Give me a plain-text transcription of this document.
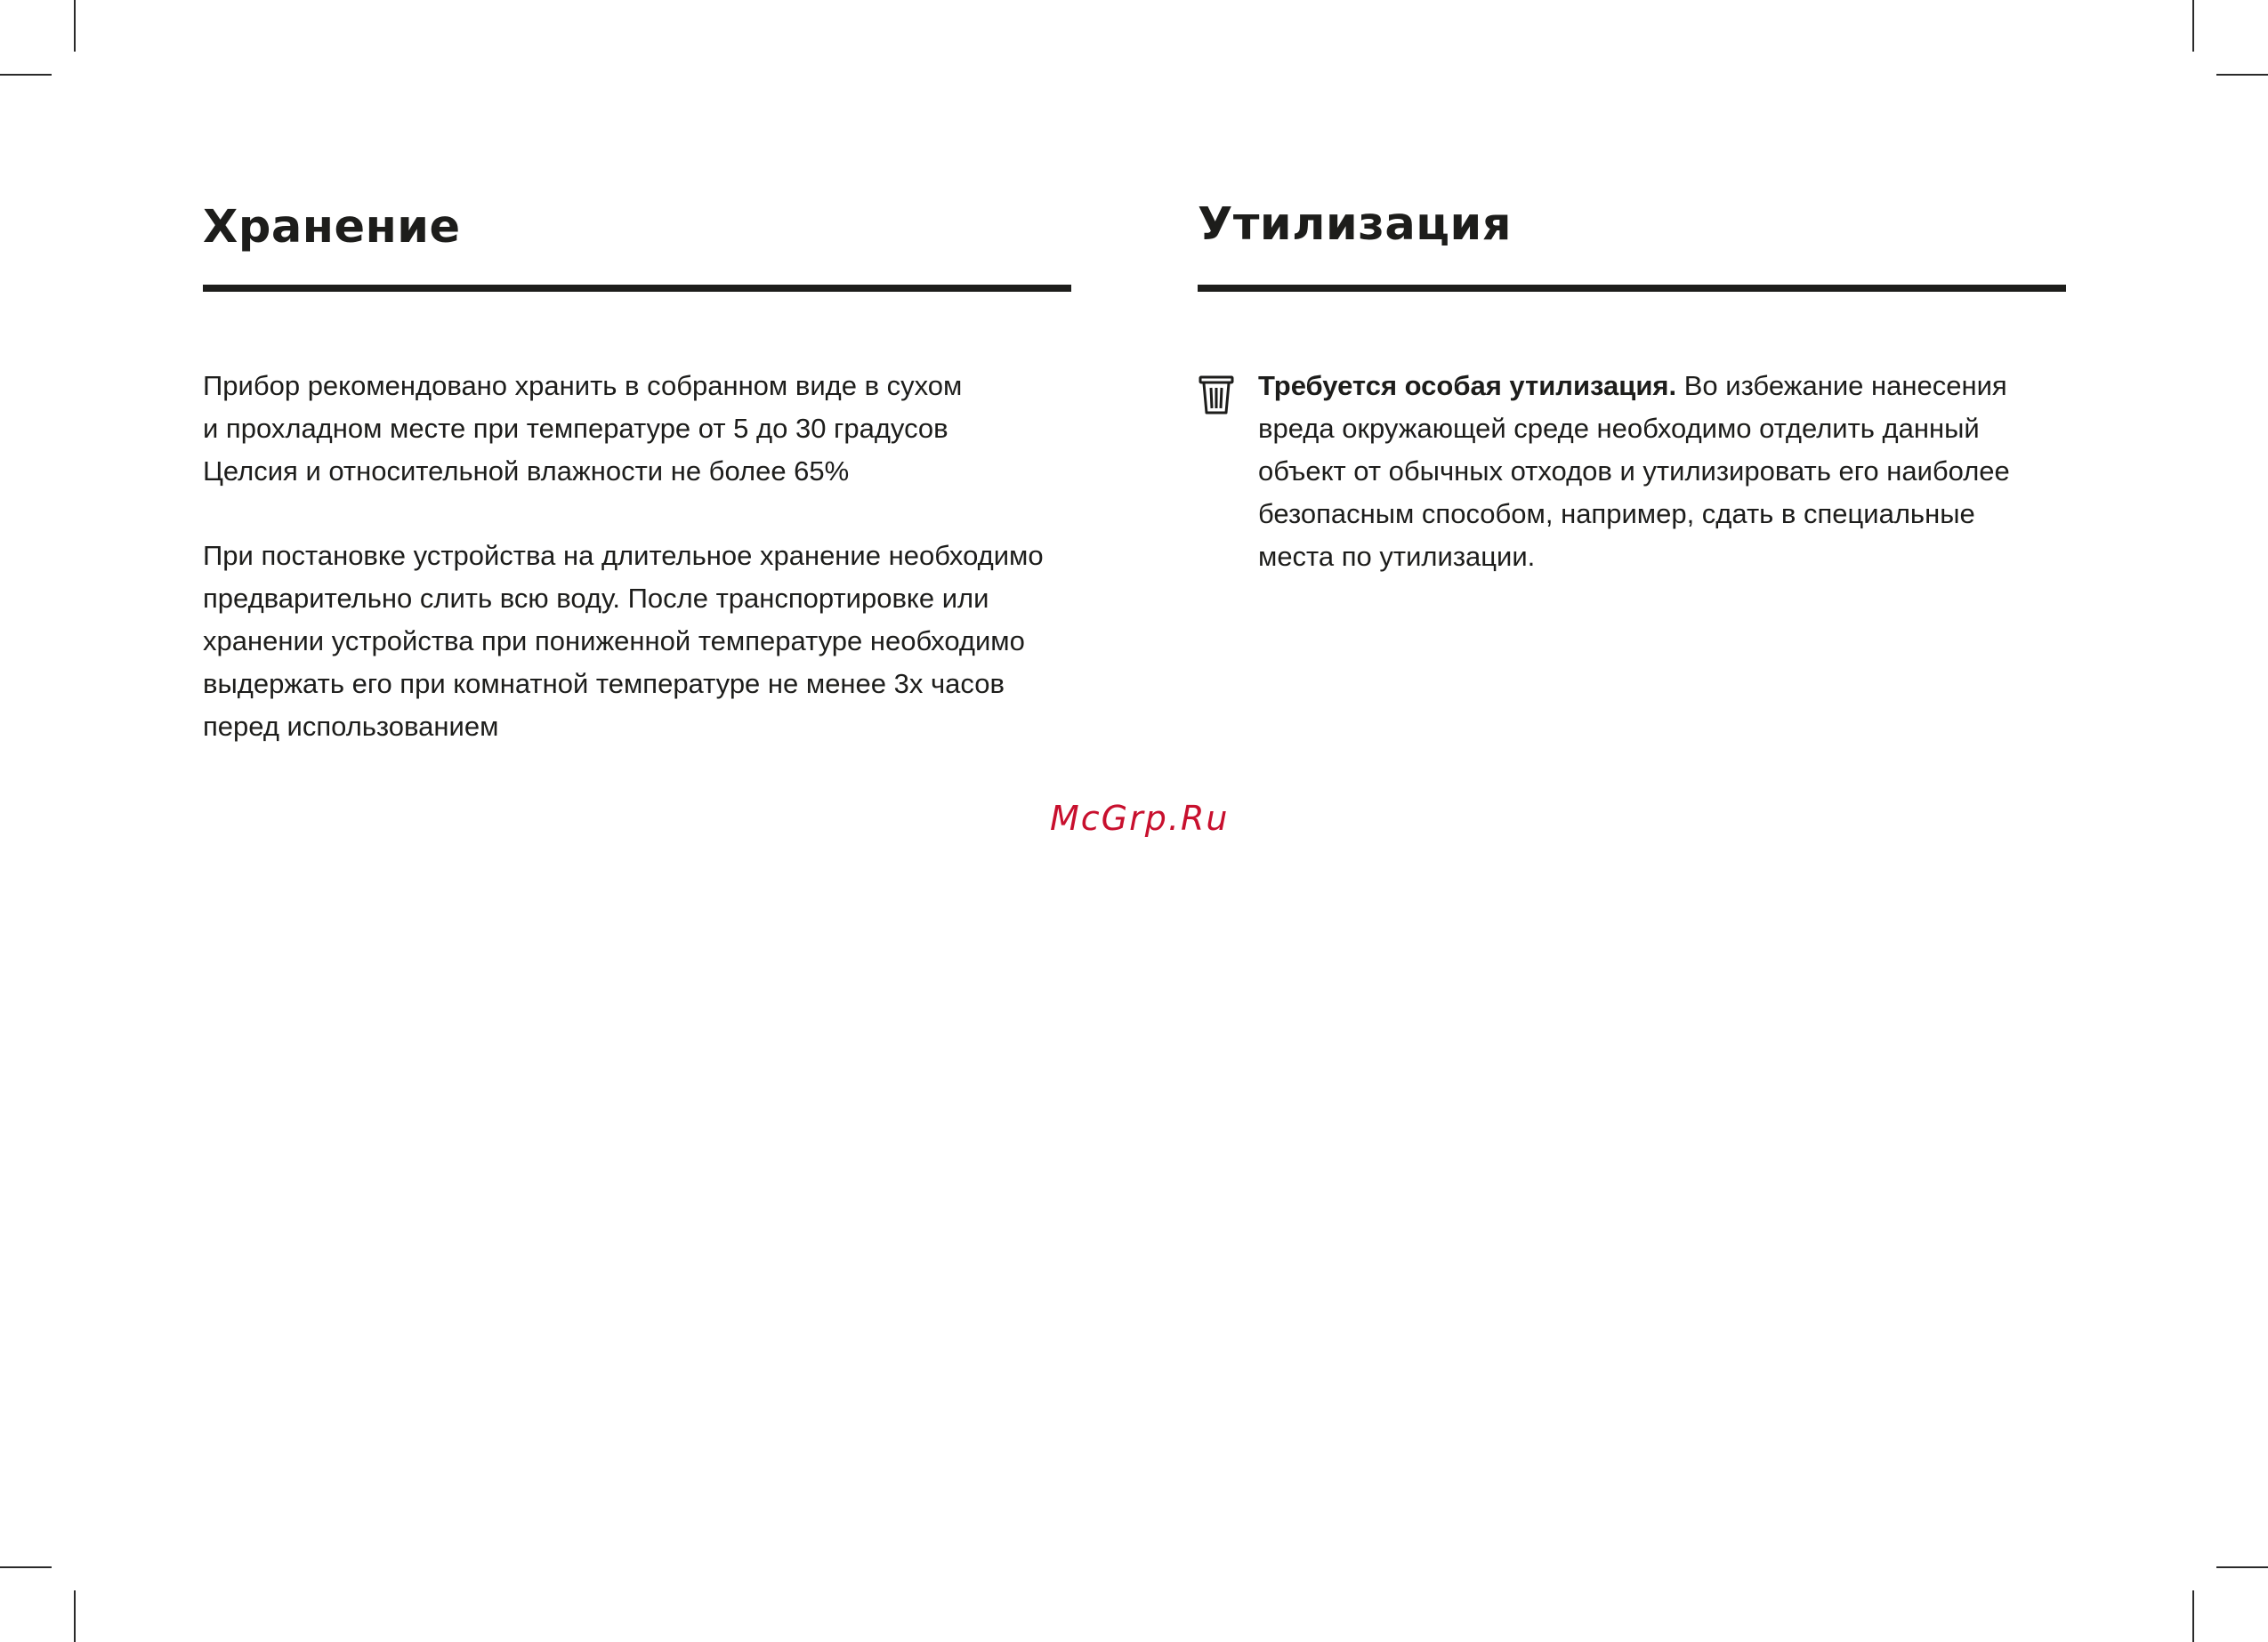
Хранение

Прибор рекомендовано хранить в собранном виде в сухом
и прохладном месте при температуре от 5 до 30 градусов
Целсия и относительной влажности не более 65%

При постановке устройства на длительное хранение необходимо
предварительно слить всю воду. После транспортировке или
хранении устройства при пониженной температуре необходимо
выдержать его при комнатной температуре не менее 3х часов
перед использованием

Утилизация

Требуется особая утилизация. Во избежание нанесения
вреда окружающей среде необходимо отделить данный
объект от обычных отходов и утилизировать его наиболее
безопасным способом, например, сдать в специальные
места по утилизации.

McGrp.Ru
